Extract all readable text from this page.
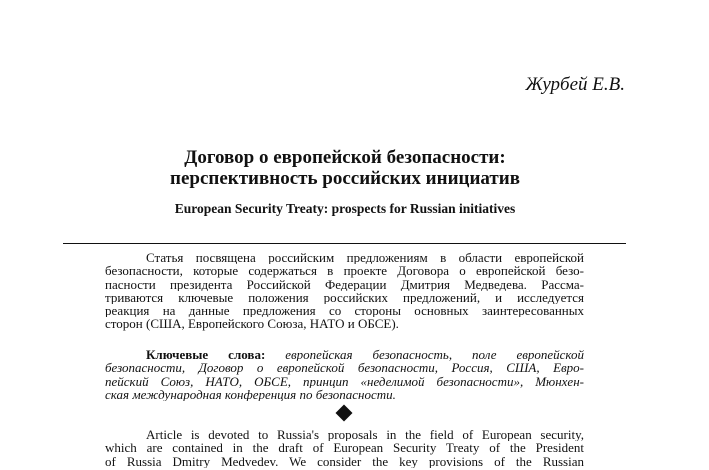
Журбей Е.В.
Договор о европейской безопасности:
перспективность российских инициатив
European Security Treaty: prospects for Russian initiatives
Статья посвящена российским предложениям в области европейской
безопасности, которые содержаться в проекте Договора о европейской безо-
пасности президента Российской Федерации Дмитрия Медведева. Рассма-
триваются ключевые положения российских предложений, и исследуется
реакция на данные предложения со стороны основных заинтересованных
сторон (США, Европейского Союза, НАТО и ОБСЕ).
Ключевые слова: европейская безопасность, поле европейской
безопасности, Договор о европейской безопасности, Россия, США, Евро-
пейский Союз, НАТО, ОБСЕ, принцип «неделимой безопасности», Мюнхен-
ская международная конференция по безопасности.
Article is devoted to Russia's proposals in the field of European security,
which are contained in the draft of European Security Treaty of the President
of Russia Dmitry Medvedev. We consider the key provisions of the Russian
